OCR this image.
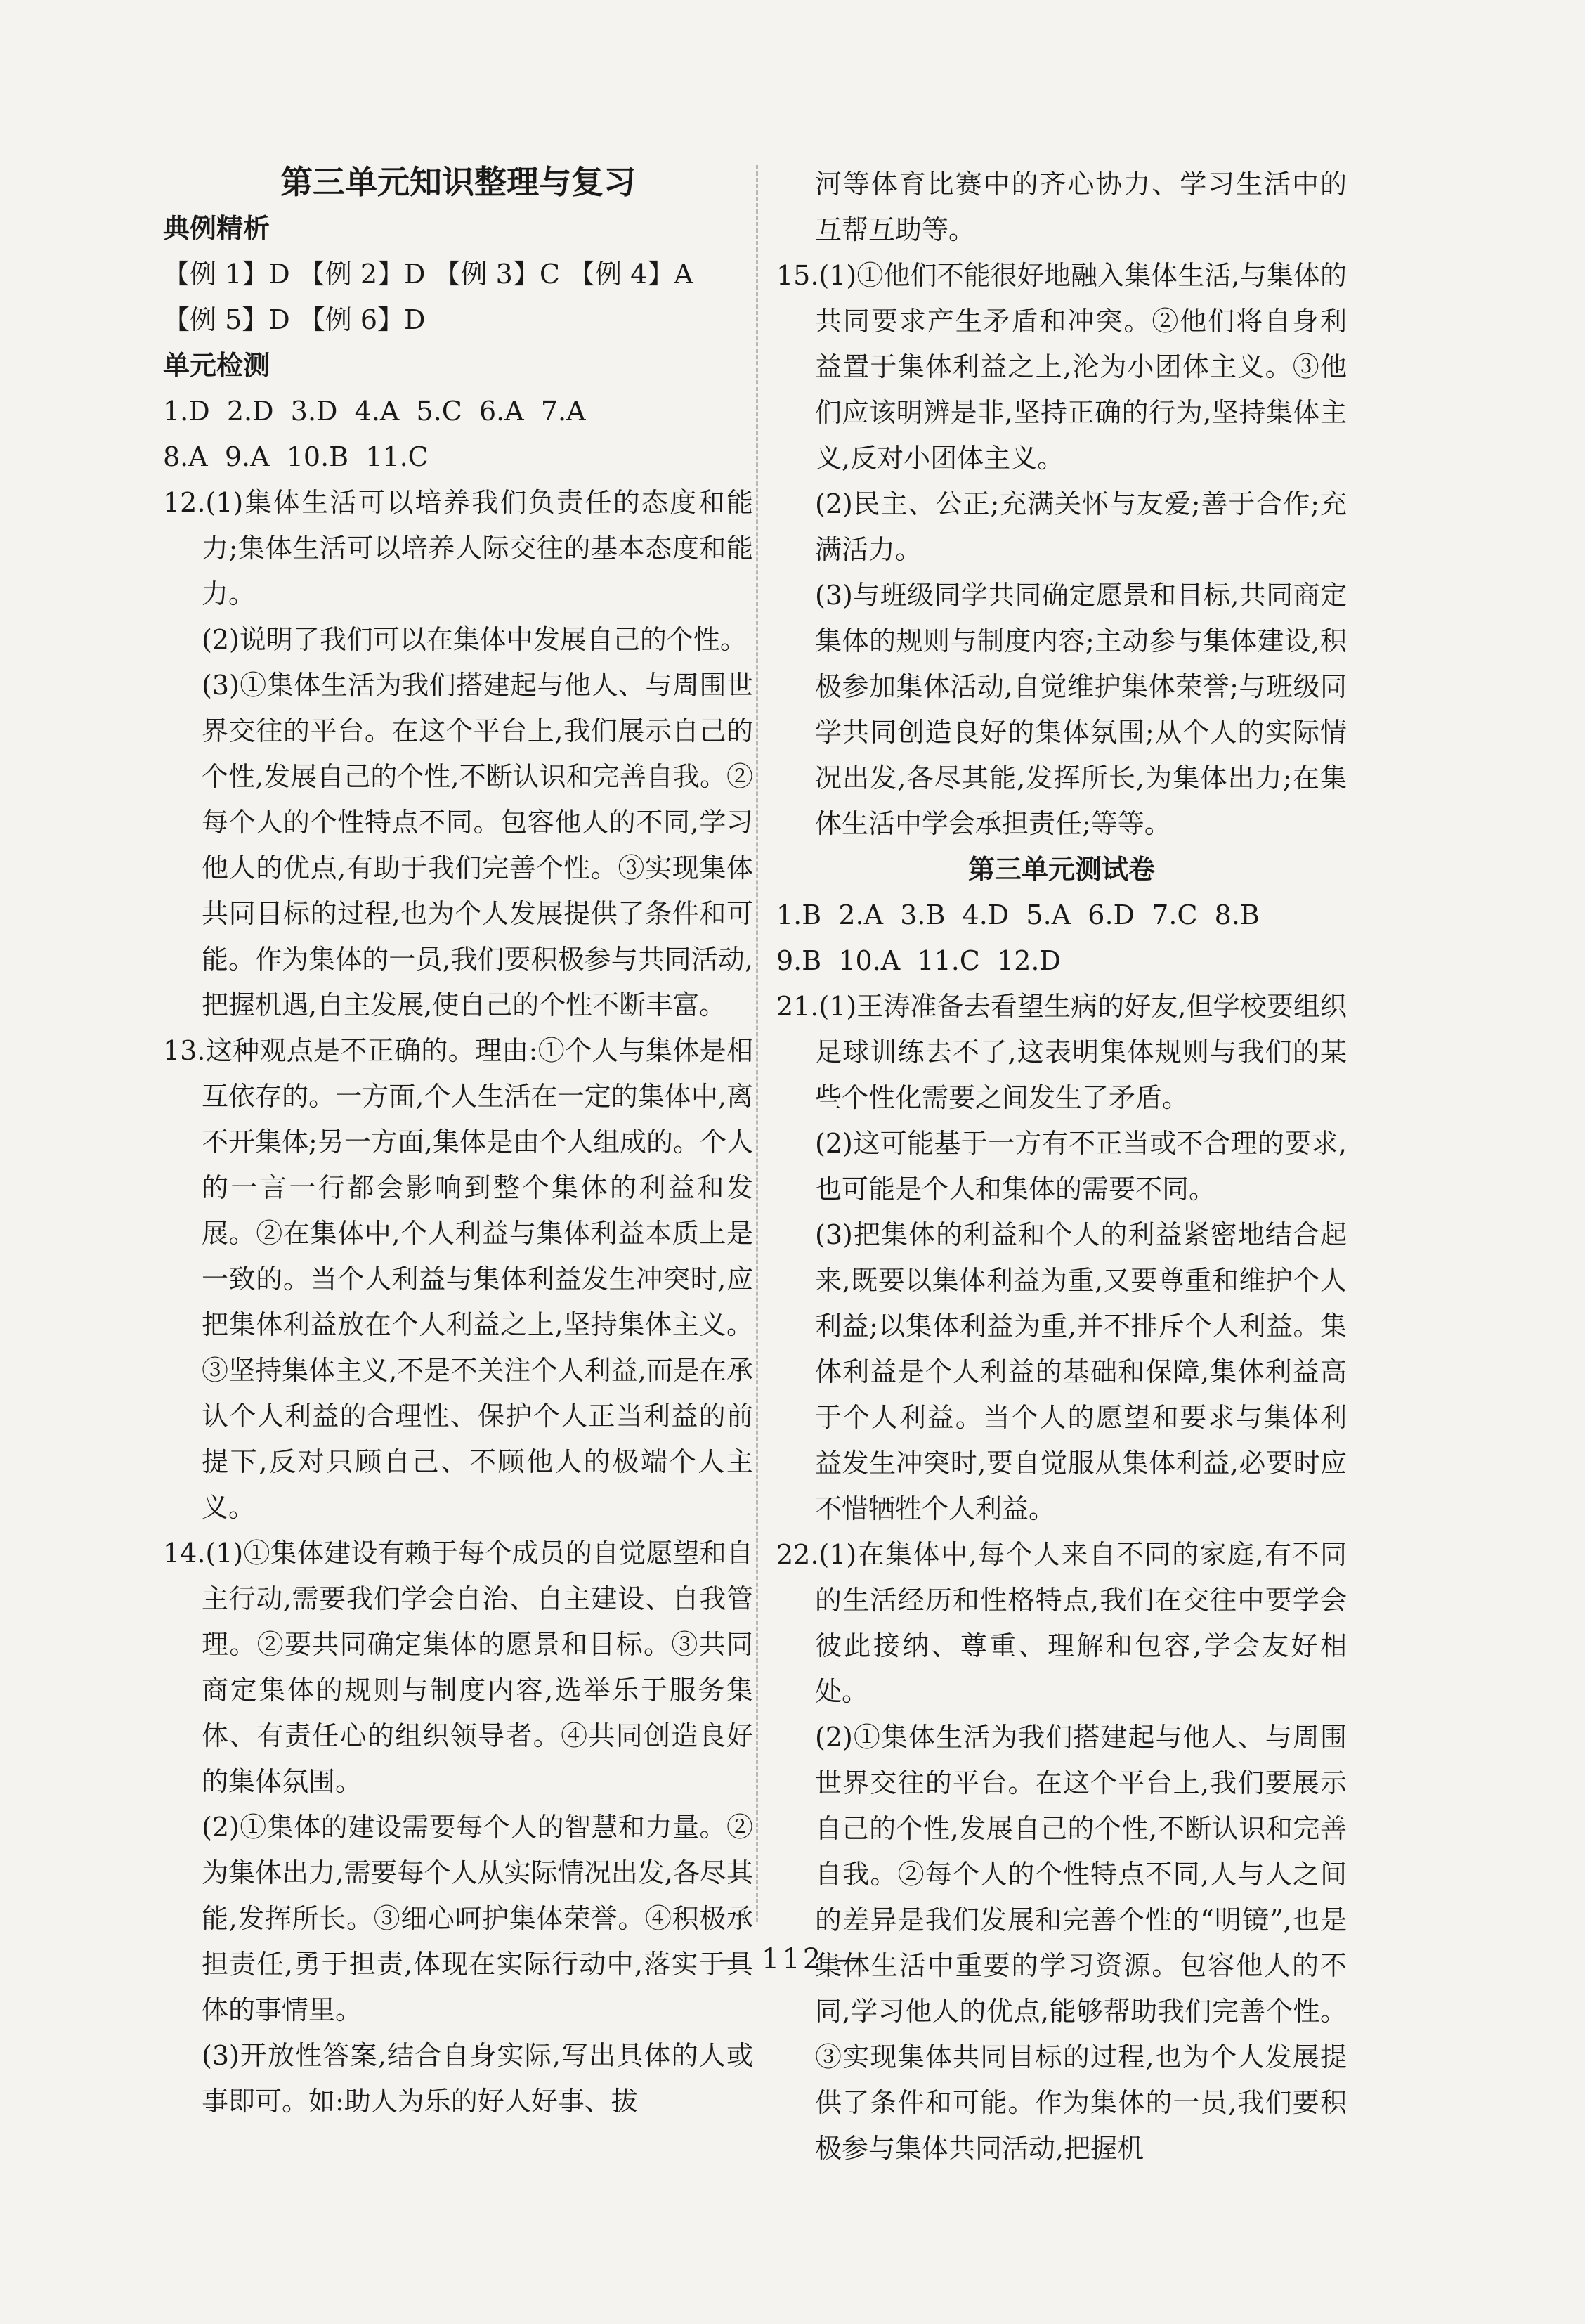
第三单元知识整理与复习
典例精析

【例 1】D 【例 2】D 【例 3】C 【例 4】A

【例 5】D 【例 6】D

单元检测

1.D  2.D  3.D  4.A  5.C  6.A  7.A

8.A  9.A  10.B  11.C

12.(1)集体生活可以培养我们负责任的态度和能力;集体生活可以培养人际交往的基本态度和能力。

(2)说明了我们可以在集体中发展自己的个性。

(3)①集体生活为我们搭建起与他人、与周围世界交往的平台。在这个平台上,我们展示自己的个性,发展自己的个性,不断认识和完善自我。②每个人的个性特点不同。包容他人的不同,学习他人的优点,有助于我们完善个性。③实现集体共同目标的过程,也为个人发展提供了条件和可能。作为集体的一员,我们要积极参与共同活动,把握机遇,自主发展,使自己的个性不断丰富。

13.这种观点是不正确的。理由:①个人与集体是相互依存的。一方面,个人生活在一定的集体中,离不开集体;另一方面,集体是由个人组成的。个人的一言一行都会影响到整个集体的利益和发展。②在集体中,个人利益与集体利益本质上是一致的。当个人利益与集体利益发生冲突时,应把集体利益放在个人利益之上,坚持集体主义。③坚持集体主义,不是不关注个人利益,而是在承认个人利益的合理性、保护个人正当利益的前提下,反对只顾自己、不顾他人的极端个人主义。

14.(1)①集体建设有赖于每个成员的自觉愿望和自主行动,需要我们学会自治、自主建设、自我管理。②要共同确定集体的愿景和目标。③共同商定集体的规则与制度内容,选举乐于服务集体、有责任心的组织领导者。④共同创造良好的集体氛围。

(2)①集体的建设需要每个人的智慧和力量。②为集体出力,需要每个人从实际情况出发,各尽其能,发挥所长。③细心呵护集体荣誉。④积极承担责任,勇于担责,体现在实际行动中,落实于具体的事情里。

(3)开放性答案,结合自身实际,写出具体的人或事即可。如:助人为乐的好人好事、拔

河等体育比赛中的齐心协力、学习生活中的互帮互助等。

15.(1)①他们不能很好地融入集体生活,与集体的共同要求产生矛盾和冲突。②他们将自身利益置于集体利益之上,沦为小团体主义。③他们应该明辨是非,坚持正确的行为,坚持集体主义,反对小团体主义。

(2)民主、公正;充满关怀与友爱;善于合作;充满活力。

(3)与班级同学共同确定愿景和目标,共同商定集体的规则与制度内容;主动参与集体建设,积极参加集体活动,自觉维护集体荣誉;与班级同学共同创造良好的集体氛围;从个人的实际情况出发,各尽其能,发挥所长,为集体出力;在集体生活中学会承担责任;等等。

第三单元测试卷

1.B  2.A  3.B  4.D  5.A  6.D  7.C  8.B

9.B  10.A  11.C  12.D

21.(1)王涛准备去看望生病的好友,但学校要组织足球训练去不了,这表明集体规则与我们的某些个性化需要之间发生了矛盾。

(2)这可能基于一方有不正当或不合理的要求,也可能是个人和集体的需要不同。

(3)把集体的利益和个人的利益紧密地结合起来,既要以集体利益为重,又要尊重和维护个人利益;以集体利益为重,并不排斥个人利益。集体利益是个人利益的基础和保障,集体利益高于个人利益。当个人的愿望和要求与集体利益发生冲突时,要自觉服从集体利益,必要时应不惜牺牲个人利益。

22.(1)在集体中,每个人来自不同的家庭,有不同的生活经历和性格特点,我们在交往中要学会彼此接纳、尊重、理解和包容,学会友好相处。

(2)①集体生活为我们搭建起与他人、与周围世界交往的平台。在这个平台上,我们要展示自己的个性,发展自己的个性,不断认识和完善自我。②每个人的个性特点不同,人与人之间的差异是我们发展和完善个性的“明镜”,也是集体生活中重要的学习资源。包容他人的不同,学习他人的优点,能够帮助我们完善个性。③实现集体共同目标的过程,也为个人发展提供了条件和可能。作为集体的一员,我们要积极参与集体共同活动,把握机

— 112 —
